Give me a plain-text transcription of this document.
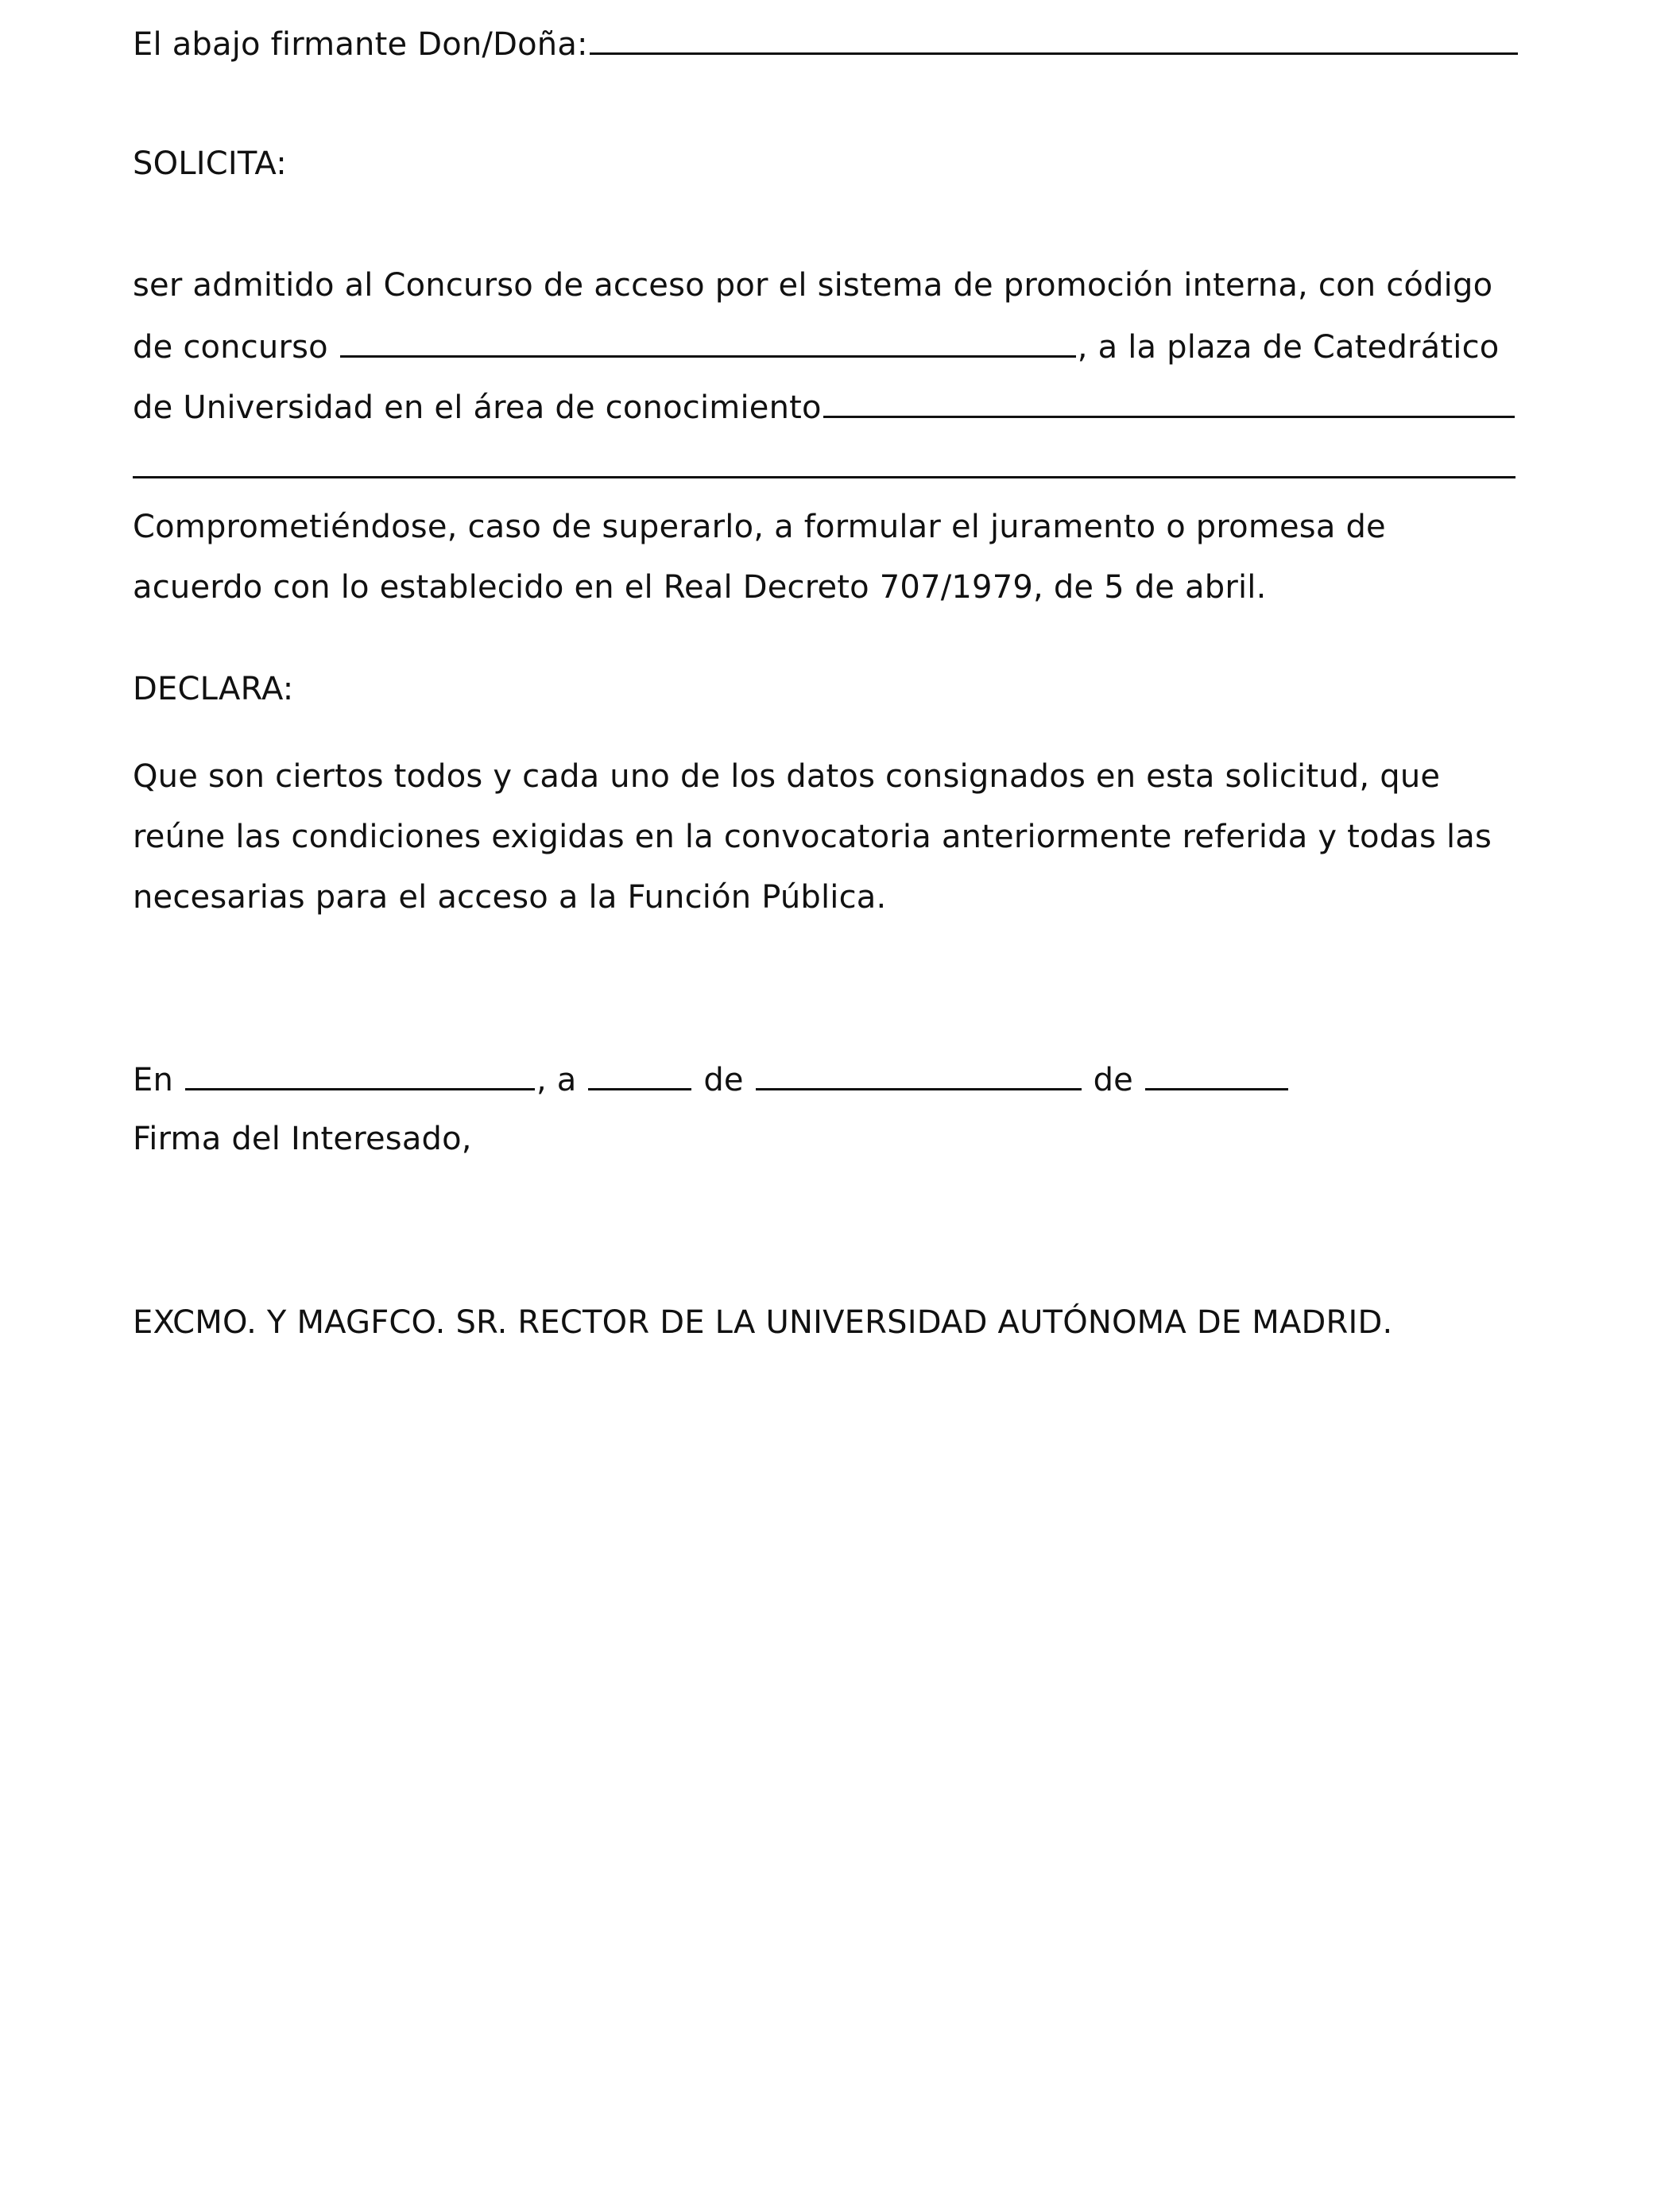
El abajo firmante Don/Doña:
SOLICITA:
ser admitido al Concurso de acceso por el sistema de promoción interna, con código
de concurso	, a la plaza de Catedrático
de Universidad en el área de conocimiento
Comprometiéndose, caso de superarlo, a formular el juramento o promesa de
acuerdo con lo establecido en el Real Decreto 707/1979, de 5 de abril.
DECLARA:
Que son ciertos todos y cada uno de los datos consignados en esta solicitud, que
reúne las condiciones exigidas en la convocatoria anteriormente referida y todas las
necesarias para el acceso a la Función Pública.
En	, a	de	de
Firma del Interesado,
EXCMO. Y MAGFCO. SR. RECTOR DE LA UNIVERSIDAD AUTÓNOMA DE MADRID.
